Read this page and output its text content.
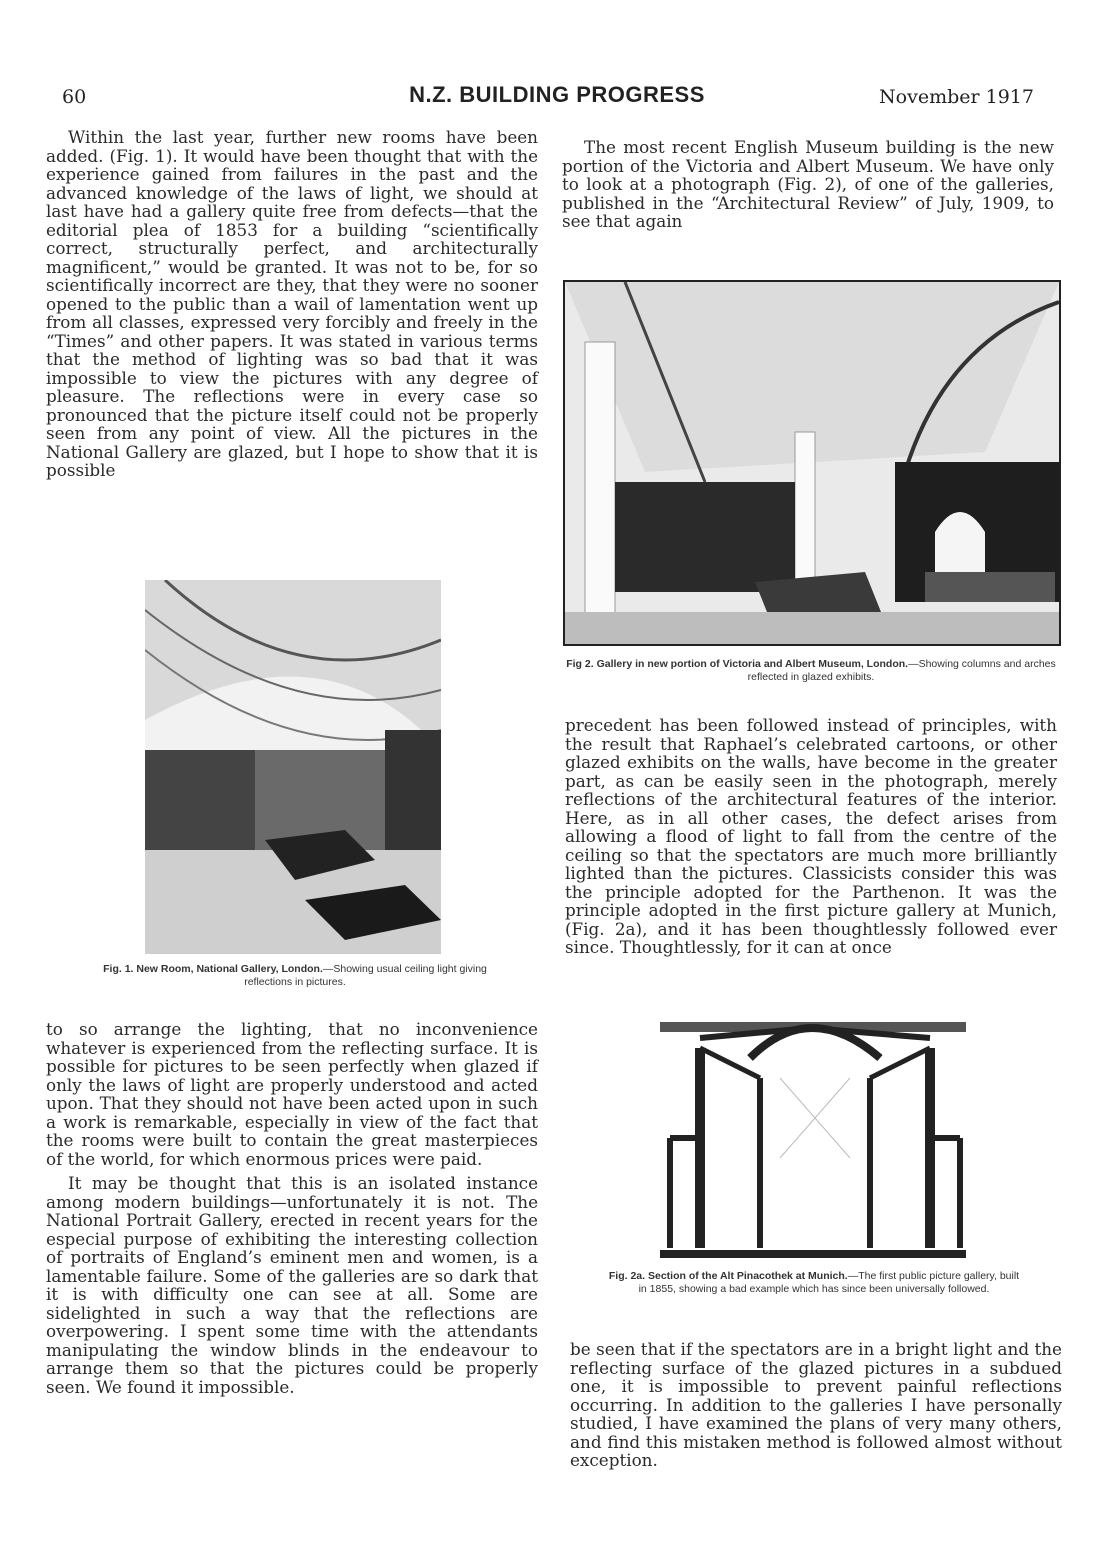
60	N.Z. BUILDING PROGRESS	November 1917

Within the last year, further new rooms have been added. (Fig. 1). It would have been thought that with the experience gained from failures in the past and the advanced knowledge of the laws of light, we should at last have had a gallery quite free from defects—that the editorial plea of 1853 for a building “scientifically correct, structurally perfect, and architecturally magnificent,” would be granted. It was not to be, for so scientifically incorrect are they, that they were no sooner opened to the public than a wail of lamentation went up from all classes, expressed very forcibly and freely in the “Times” and other papers. It was stated in various terms that the method of lighting was so bad that it was impossible to view the pictures with any degree of pleasure. The reflections were in every case so pronounced that the picture itself could not be properly seen from any point of view. All the pictures in the National Gallery are glazed, but I hope to show that it is possible

Fig. 1. New Room, National Gallery, London.—Showing usual ceiling light giving reflections in pictures.

to so arrange the lighting, that no inconvenience whatever is experienced from the reflecting surface. It is possible for pictures to be seen perfectly when glazed if only the laws of light are properly understood and acted upon. That they should not have been acted upon in such a work is remarkable, especially in view of the fact that the rooms were built to contain the great masterpieces of the world, for which enormous prices were paid.

It may be thought that this is an isolated instance among modern buildings—unfortunately it is not. The National Portrait Gallery, erected in recent years for the especial purpose of exhibiting the interesting collection of portraits of England’s eminent men and women, is a lamentable failure. Some of the galleries are so dark that it is with difficulty one can see at all. Some are sidelighted in such a way that the reflections are overpowering. I spent some time with the attendants manipulating the window blinds in the endeavour to arrange them so that the pictures could be properly seen. We found it impossible.

The most recent English Museum building is the new portion of the Victoria and Albert Museum. We have only to look at a photograph (Fig. 2), of one of the galleries, published in the “Architectural Review” of July, 1909, to see that again

Fig 2. Gallery in new portion of Victoria and Albert Museum, London.—Showing columns and arches reflected in glazed exhibits.

precedent has been followed instead of principles, with the result that Raphael’s celebrated cartoons, or other glazed exhibits on the walls, have become in the greater part, as can be easily seen in the photograph, merely reflections of the architectural features of the interior. Here, as in all other cases, the defect arises from allowing a flood of light to fall from the centre of the ceiling so that the spectators are much more brilliantly lighted than the pictures. Classicists consider this was the principle adopted for the Parthenon. It was the principle adopted in the first picture gallery at Munich, (Fig. 2a), and it has been thoughtlessly followed ever since. Thoughtlessly, for it can at once

Fig. 2a. Section of the Alt Pinacothek at Munich.—The first public picture gallery, built in 1855, showing a bad example which has since been universally followed.

be seen that if the spectators are in a bright light and the reflecting surface of the glazed pictures in a subdued one, it is impossible to prevent painful reflections occurring. In addition to the galleries I have personally studied, I have examined the plans of very many others, and find this mistaken method is followed almost without exception.
